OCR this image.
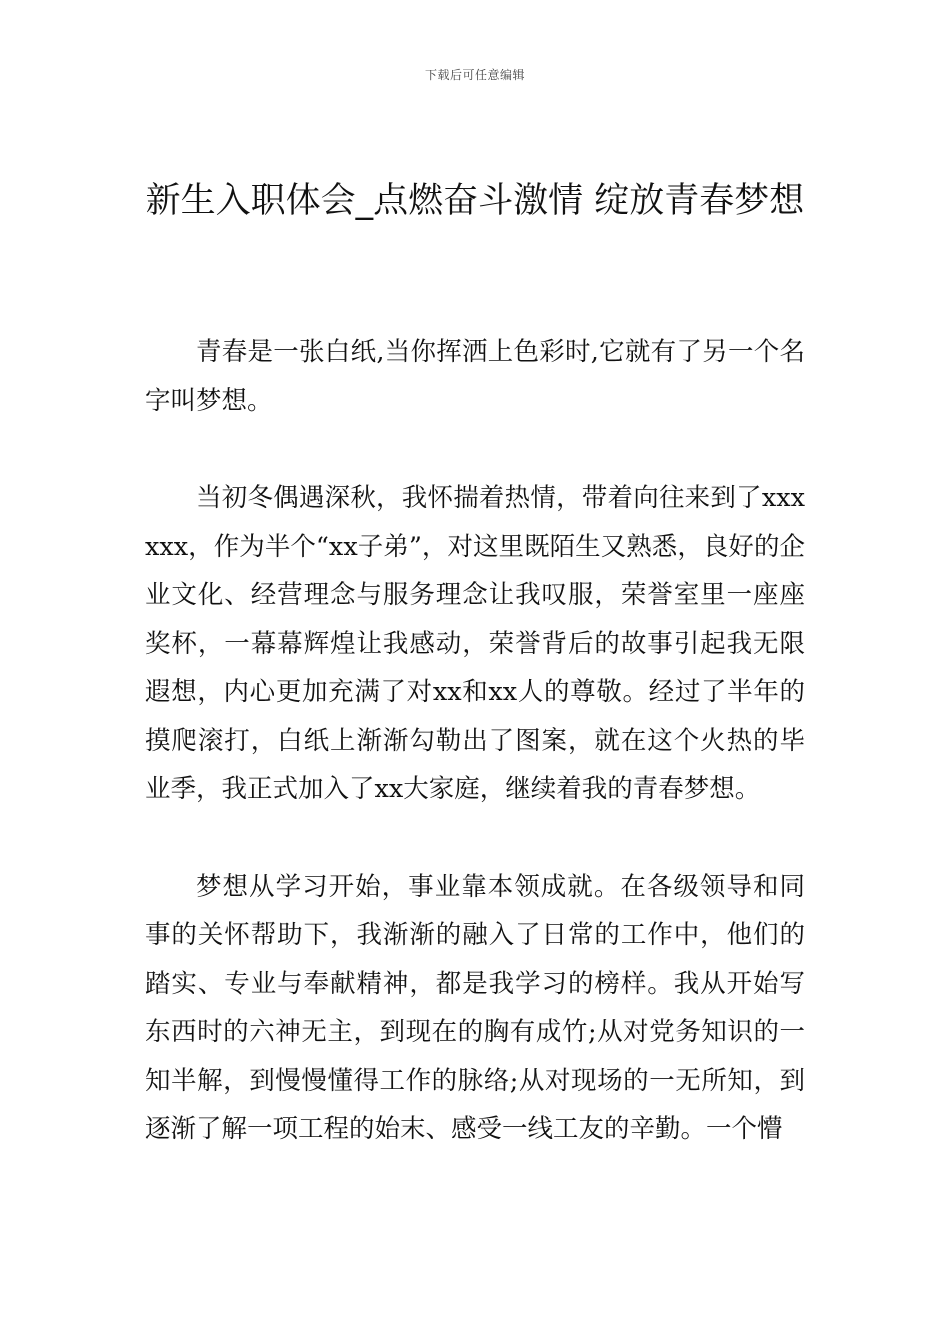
下载后可任意编辑
新生入职体会_点燃奋斗激情 绽放青春梦想

青春是一张白纸,当你挥洒上色彩时,它就有了另一个名字叫梦想。

当初冬偶遇深秋，我怀揣着热情，带着向往来到了xxxxxx，作为半个“xx子弟”，对这里既陌生又熟悉，良好的企业文化、经营理念与服务理念让我叹服，荣誉室里一座座奖杯，一幕幕辉煌让我感动，荣誉背后的故事引起我无限遐想，内心更加充满了对xx和xx人的尊敬。经过了半年的摸爬滚打，白纸上渐渐勾勒出了图案，就在这个火热的毕业季，我正式加入了xx大家庭，继续着我的青春梦想。

梦想从学习开始，事业靠本领成就。在各级领导和同事的关怀帮助下，我渐渐的融入了日常的工作中，他们的踏实、专业与奉献精神，都是我学习的榜样。我从开始写东西时的六神无主，到现在的胸有成竹;从对党务知识的一知半解，到慢慢懂得工作的脉络;从对现场的一无所知，到逐渐了解一项工程的始末、感受一线工友的辛勤。一个懵
